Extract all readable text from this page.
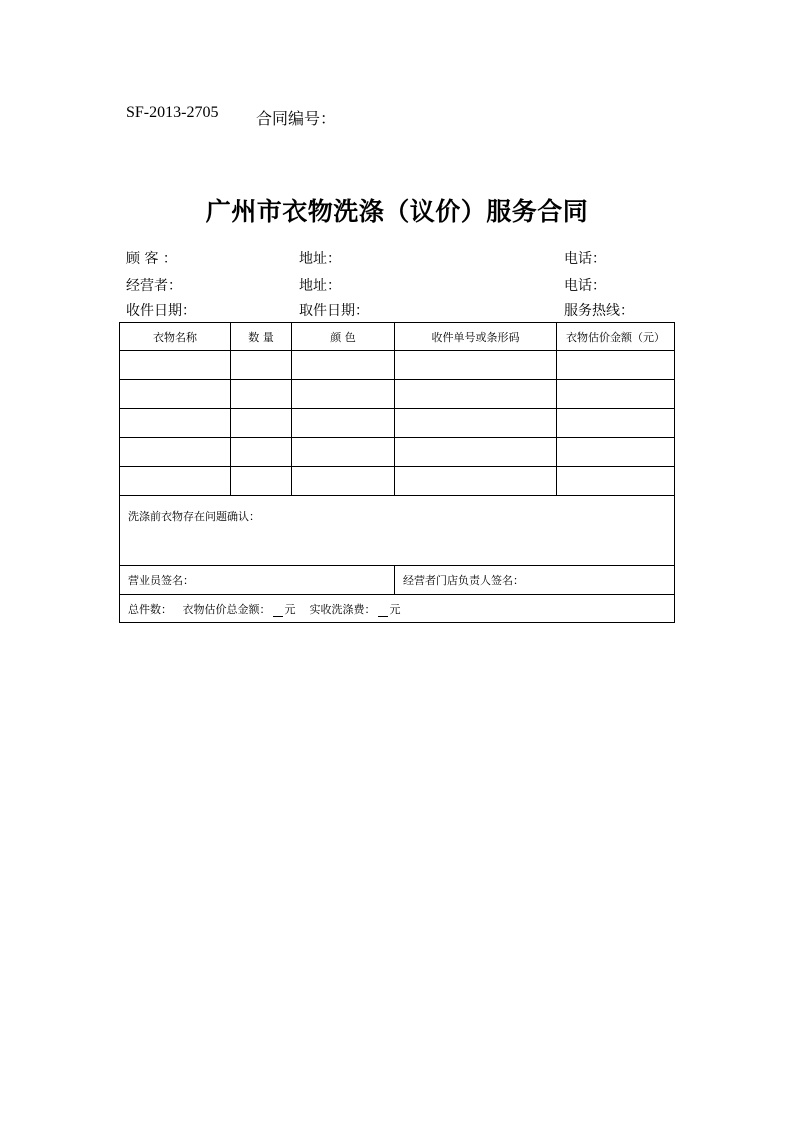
SF-2013-2705 合同编号：
广州市衣物洗涤（议价）服务合同
顾 客 ：	地址：	电话：
经营者：	地址：	电话：
收件日期：	取件日期：	服务热线：
衣物名称	数 量	颜 色	收件单号或条形码	衣物估价金额（元）

洗涤前衣物存在问题确认：				
营业员签名：			经营者门店负责人签名：	
总件数： 衣物估价总金额： 元 实收洗涤费： 元				
